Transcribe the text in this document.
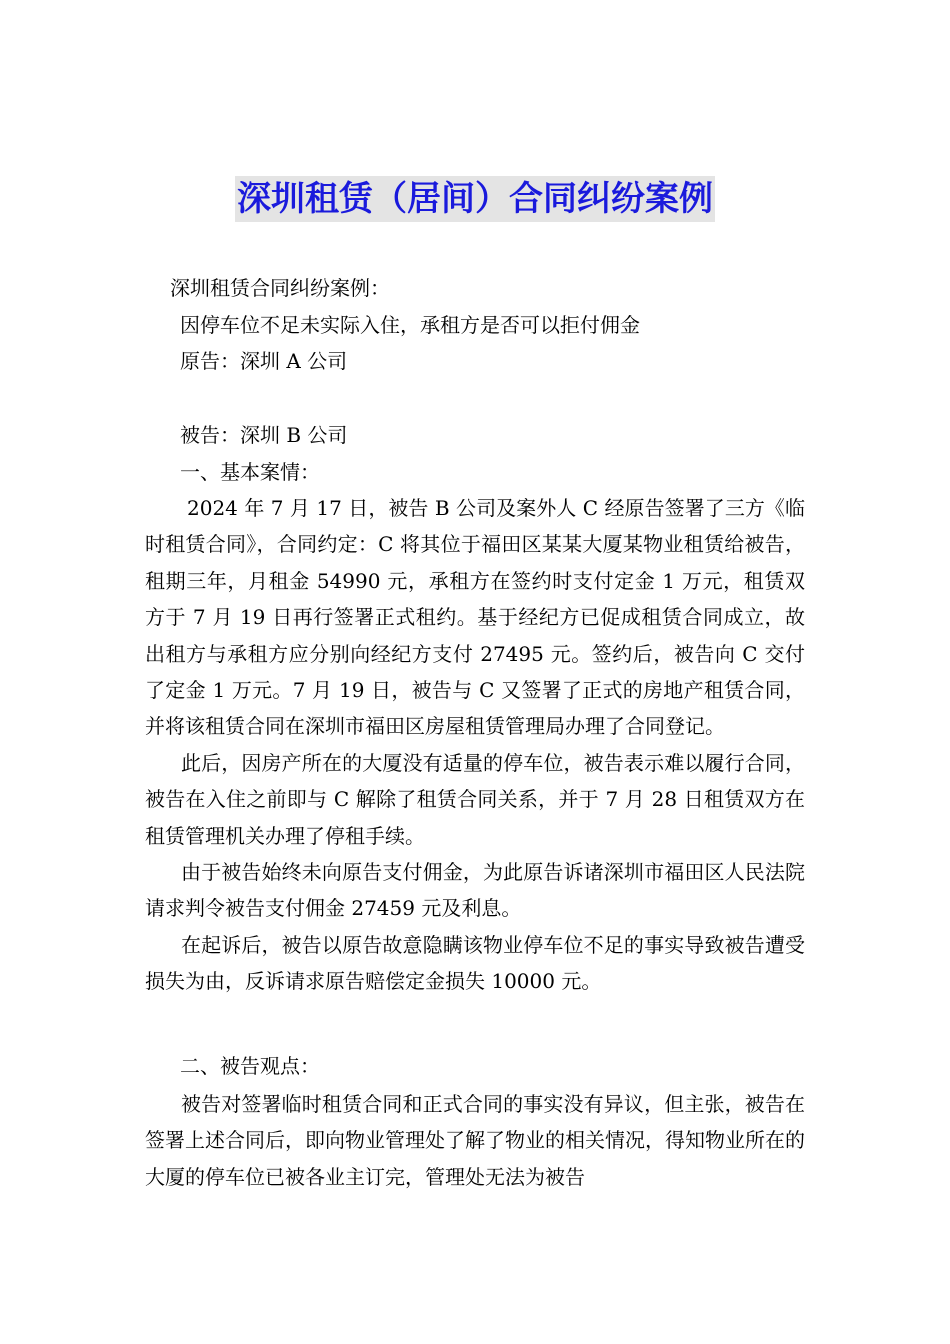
深圳租赁（居间）合同纠纷案例
深圳租赁合同纠纷案例：
因停车位不足未实际入住，承租方是否可以拒付佣金
原告：深圳 A 公司
被告：深圳 B 公司
一、基本案情：

2024 年 7 月 17 日，被告 B 公司及案外人 C 经原告签署了三方《临时租赁合同》，合同约定：C 将其位于福田区某某大厦某物业租赁给被告，租期三年，月租金 54990 元，承租方在签约时支付定金 1 万元，租赁双方于 7 月 19 日再行签署正式租约。基于经纪方已促成租赁合同成立，故出租方与承租方应分别向经纪方支付 27495 元。签约后，被告向 C 交付了定金 1 万元。7 月 19 日，被告与 C 又签署了正式的房地产租赁合同，并将该租赁合同在深圳市福田区房屋租赁管理局办理了合同登记。

此后，因房产所在的大厦没有适量的停车位，被告表示难以履行合同，被告在入住之前即与 C 解除了租赁合同关系，并于 7 月 28 日租赁双方在租赁管理机关办理了停租手续。

由于被告始终未向原告支付佣金，为此原告诉诸深圳市福田区人民法院请求判令被告支付佣金 27459 元及利息。

在起诉后，被告以原告故意隐瞒该物业停车位不足的事实导致被告遭受损失为由，反诉请求原告赔偿定金损失 10000 元。

二、被告观点：

被告对签署临时租赁合同和正式合同的事实没有异议，但主张，被告在签署上述合同后，即向物业管理处了解了物业的相关情况，得知物业所在的大厦的停车位已被各业主订完，管理处无法为被告
